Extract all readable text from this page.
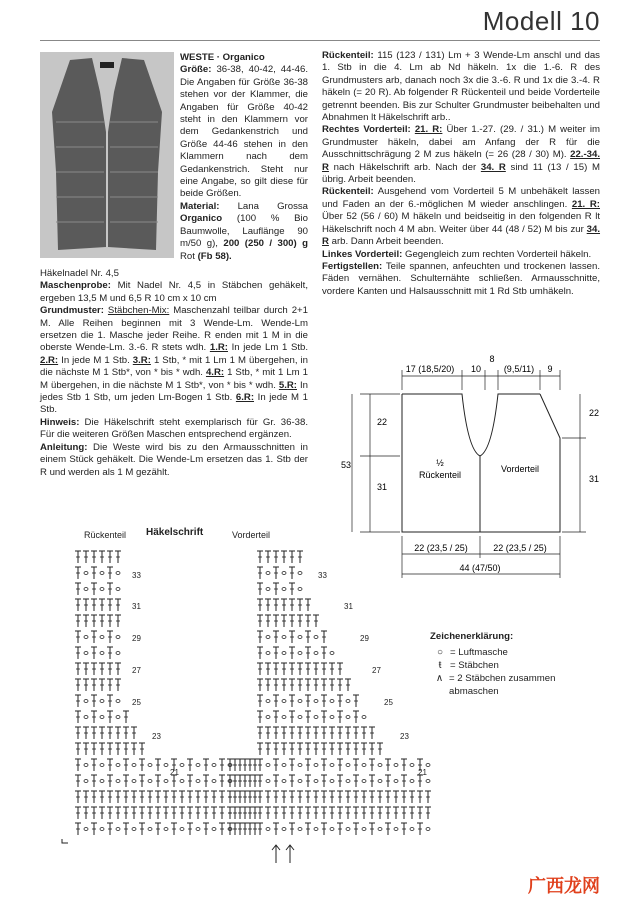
Modell 10
WESTE · Organico
Größe: 36-38, 40-42, 44-46. Die Angaben für Größe 36-38 stehen vor der Klammer, die Angaben für Größe 40-42 steht in den Klammern vor dem Gedankenstrich und Größe 44-46 stehen in den Klammern nach dem Gedankenstrich. Steht nur eine Angabe, so gilt diese für beide Größen.
Material: Lana Grossa Organico (100 % Bio Baumwolle, Lauflänge 90 m/50 g), 200 (250 / 300) g Rot (Fb 58).
Häkelnadel Nr. 4,5
Maschenprobe: Mit Nadel Nr. 4,5 in Stäbchen gehäkelt, ergeben 13,5 M und 6,5 R 10 cm x 10 cm
Grundmuster: Stäbchen-Mix: Maschenzahl teilbar durch 2+1 M. Alle Reihen beginnen mit 3 Wende-Lm. Wende-Lm ersetzen die 1. Masche jeder Reihe. R enden mit 1 M in die oberste Wende-Lm. 3.-6. R stets wdh. 1.R: In jede Lm 1 Stb. 2.R: In jede M 1 Stb. 3.R: 1 Stb, * mit 1 Lm 1 M übergehen, in die nächste M 1 Stb*, von * bis * wdh. 4.R: 1 Stb, * mit 1 Lm 1 M übergehen, in die nächste M 1 Stb*, von * bis * wdh. 5.R: In jedes Stb 1 Stb, um jeden Lm-Bogen 1 Stb. 6.R: In jede M 1 Stb.
Hinweis: Die Häkelschrift steht exemplarisch für Gr. 36-38. Für die weiteren Größen Maschen entsprechend ergänzen.
Anleitung: Die Weste wird bis zu den Armausschnitten in einem Stück gehäkelt. Die Wende-Lm ersetzen das 1. Stb der R und werden als 1 M gezählt.
Rückenteil: 115 (123 / 131) Lm + 3 Wende-Lm anschl und das 1. Stb in die 4. Lm ab Nd häkeln. 1x die 1.-6. R des Grundmusters arb, danach noch 3x die 3.-6. R und 1x die 3.-4. R häkeln (= 20 R). Ab folgender R Rückenteil und beide Vorderteile getrennt beenden. Bis zur Schulter Grundmuster beibehalten und Abnahmen lt Häkelschrift arb..
Rechtes Vorderteil: 21. R: Über 1.-27. (29. / 31.) M weiter im Grundmuster häkeln, dabei am Anfang der R für die Ausschnittschrägung 2 M zus häkeln (= 26 (28 / 30) M). 22.-34. R nach Häkelschrift arb. Nach der 34. R sind 11 (13 / 15) M übrig. Arbeit beenden.
Rückenteil: Ausgehend vom Vorderteil 5 M unbehäkelt lassen und Faden an der 6.-möglichen M wieder anschlingen. 21. R: Über 52 (56 / 60) M häkeln und beidseitig in den folgenden R lt Häkelschrift noch 4 M abn. Weiter über 44 (48 / 52) M bis zur 34. R arb. Dann Arbeit beenden.
Linkes Vorderteil: Gegengleich zum rechten Vorderteil häkeln.
Fertigstellen: Teile spannen, anfeuchten und trockenen lassen. Fäden vernähen. Schulternähte schließen. Armausschnitte, vordere Kanten und Halsausschnitt mit 1 Rd Stb umhäkeln.
17 (18,5/20) 10
8
(9,5/11) 9
22
53
31
22
31
½
Rückenteil
Vorderteil
22 (23,5 / 25)	22 (23,5 / 25)
44 (47/50)
Rückenteil Häkelschrift	Vorderteil
33
31
29
27
25
23
21
33
31
29
27
25
23
21
Zeichenerklärung:
○ = Luftmasche
ŧ = Stäbchen
∧ = 2 Stäbchen zusammen abmaschen
广西龙网
